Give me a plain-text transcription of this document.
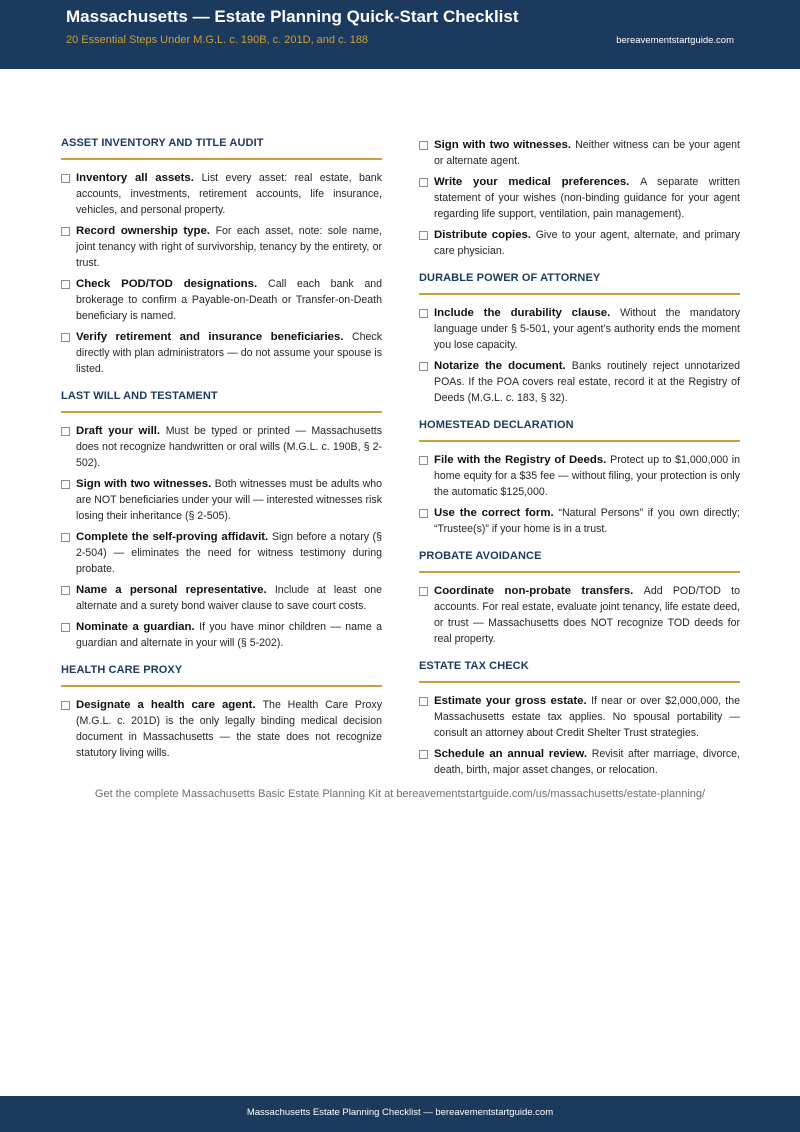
Massachusetts — Estate Planning Quick-Start Checklist
20 Essential Steps Under M.G.L. c. 190B, c. 201D, and c. 188	bereavementstartguide.com
ASSET INVENTORY AND TITLE AUDIT
Inventory all assets. List every asset: real estate, bank accounts, investments, retirement accounts, life insurance, vehicles, and personal property.
Record ownership type. For each asset, note: sole name, joint tenancy with right of survivorship, tenancy by the entirety, or trust.
Check POD/TOD designations. Call each bank and brokerage to confirm a Payable-on-Death or Transfer-on-Death beneficiary is named.
Verify retirement and insurance beneficiaries. Check directly with plan administrators — do not assume your spouse is listed.
LAST WILL AND TESTAMENT
Draft your will. Must be typed or printed — Massachusetts does not recognize handwritten or oral wills (M.G.L. c. 190B, § 2-502).
Sign with two witnesses. Both witnesses must be adults who are NOT beneficiaries under your will — interested witnesses risk losing their inheritance (§ 2-505).
Complete the self-proving affidavit. Sign before a notary (§ 2-504) — eliminates the need for witness testimony during probate.
Name a personal representative. Include at least one alternate and a surety bond waiver clause to save court costs.
Nominate a guardian. If you have minor children — name a guardian and alternate in your will (§ 5-202).
HEALTH CARE PROXY
Designate a health care agent. The Health Care Proxy (M.G.L. c. 201D) is the only legally binding medical decision document in Massachusetts — the state does not recognize statutory living wills.
Sign with two witnesses. Neither witness can be your agent or alternate agent.
Write your medical preferences. A separate written statement of your wishes (non-binding guidance for your agent regarding life support, ventilation, pain management).
Distribute copies. Give to your agent, alternate, and primary care physician.
DURABLE POWER OF ATTORNEY
Include the durability clause. Without the mandatory language under § 5-501, your agent’s authority ends the moment you lose capacity.
Notarize the document. Banks routinely reject unnotarized POAs. If the POA covers real estate, record it at the Registry of Deeds (M.G.L. c. 183, § 32).
HOMESTEAD DECLARATION
File with the Registry of Deeds. Protect up to $1,000,000 in home equity for a $35 fee — without filing, your protection is only the automatic $125,000.
Use the correct form. “Natural Persons” if you own directly; “Trustee(s)” if your home is in a trust.
PROBATE AVOIDANCE
Coordinate non-probate transfers. Add POD/TOD to accounts. For real estate, evaluate joint tenancy, life estate deed, or trust — Massachusetts does NOT recognize TOD deeds for real property.
ESTATE TAX CHECK
Estimate your gross estate. If near or over $2,000,000, the Massachusetts estate tax applies. No spousal portability — consult an attorney about Credit Shelter Trust strategies.
Schedule an annual review. Revisit after marriage, divorce, death, birth, major asset changes, or relocation.
Get the complete Massachusetts Basic Estate Planning Kit at bereavementstartguide.com/us/massachusetts/estate-planning/
Massachusetts Estate Planning Checklist — bereavementstartguide.com
